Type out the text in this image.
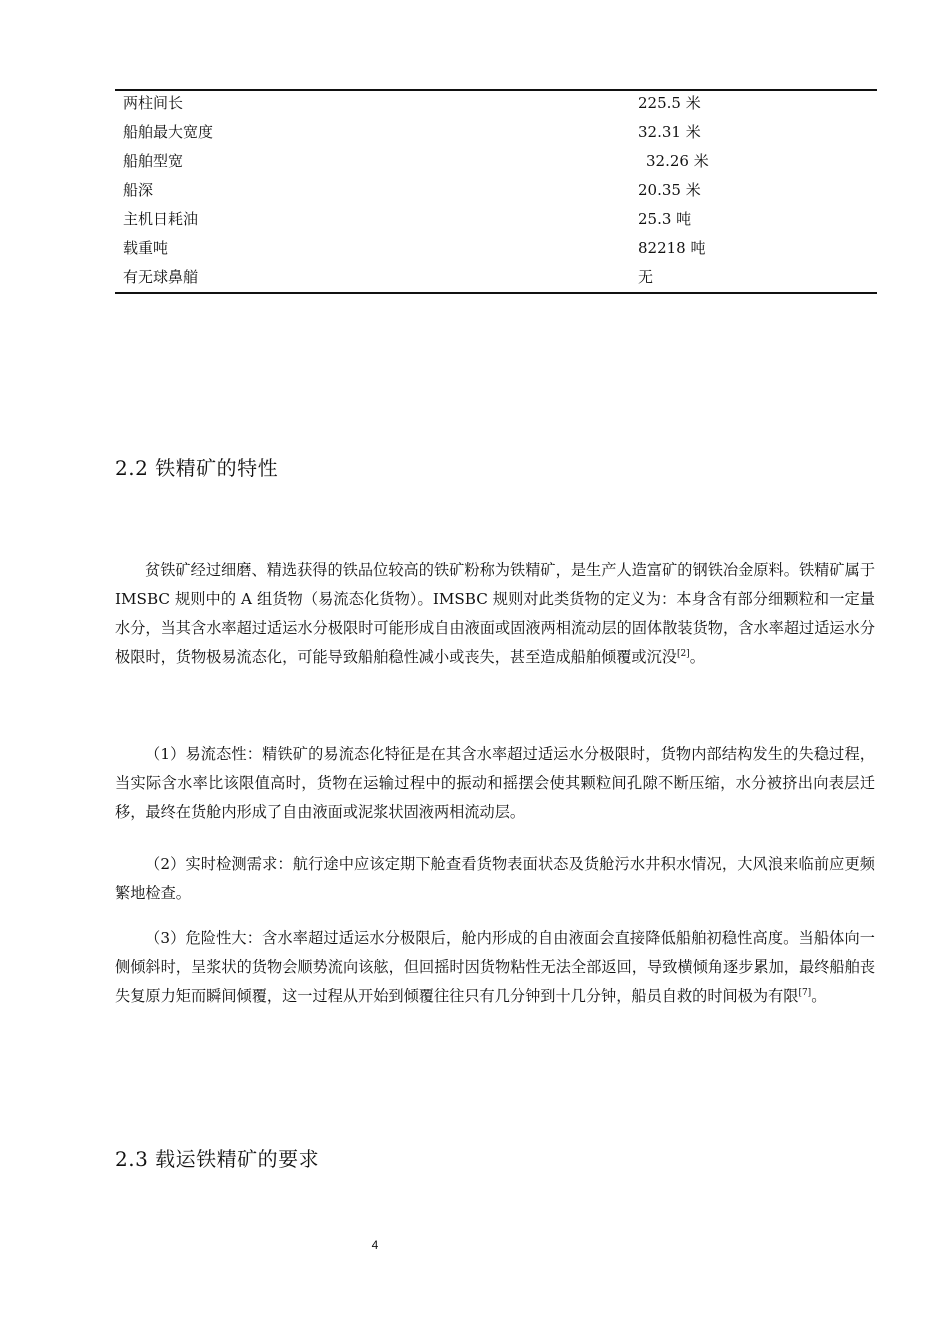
两柱间长	225.5 米
船舶最大宽度	32.31 米
船舶型宽	32.26 米
船深	20.35 米
主机日耗油	25.3 吨
载重吨	82218 吨
有无球鼻艏	无
2.2 铁精矿的特性
贫铁矿经过细磨、精选获得的铁品位较高的铁矿粉称为铁精矿，是生产人造富矿的钢铁冶金原料。铁精矿属于 IMSBC 规则中的 A 组货物（易流态化货物）。IMSBC 规则对此类货物的定义为：本身含有部分细颗粒和一定量水分，当其含水率超过适运水分极限时可能形成自由液面或固液两相流动层的固体散装货物，含水率超过适运水分极限时，货物极易流态化，可能导致船舶稳性减小或丧失，甚至造成船舶倾覆或沉没[2]。
（1）易流态性：精铁矿的易流态化特征是在其含水率超过适运水分极限时，货物内部结构发生的失稳过程，当实际含水率比该限值高时，货物在运输过程中的振动和摇摆会使其颗粒间孔隙不断压缩，水分被挤出向表层迁移，最终在货舱内形成了自由液面或泥浆状固液两相流动层。
（2）实时检测需求：航行途中应该定期下舱查看货物表面状态及货舱污水井积水情况，大风浪来临前应更频繁地检查。
（3）危险性大：含水率超过适运水分极限后，舱内形成的自由液面会直接降低船舶初稳性高度。当船体向一侧倾斜时，呈浆状的货物会顺势流向该舷，但回摇时因货物粘性无法全部返回，导致横倾角逐步累加，最终船舶丧失复原力矩而瞬间倾覆，这一过程从开始到倾覆往往只有几分钟到十几分钟，船员自救的时间极为有限[7]。
2.3 载运铁精矿的要求
4
